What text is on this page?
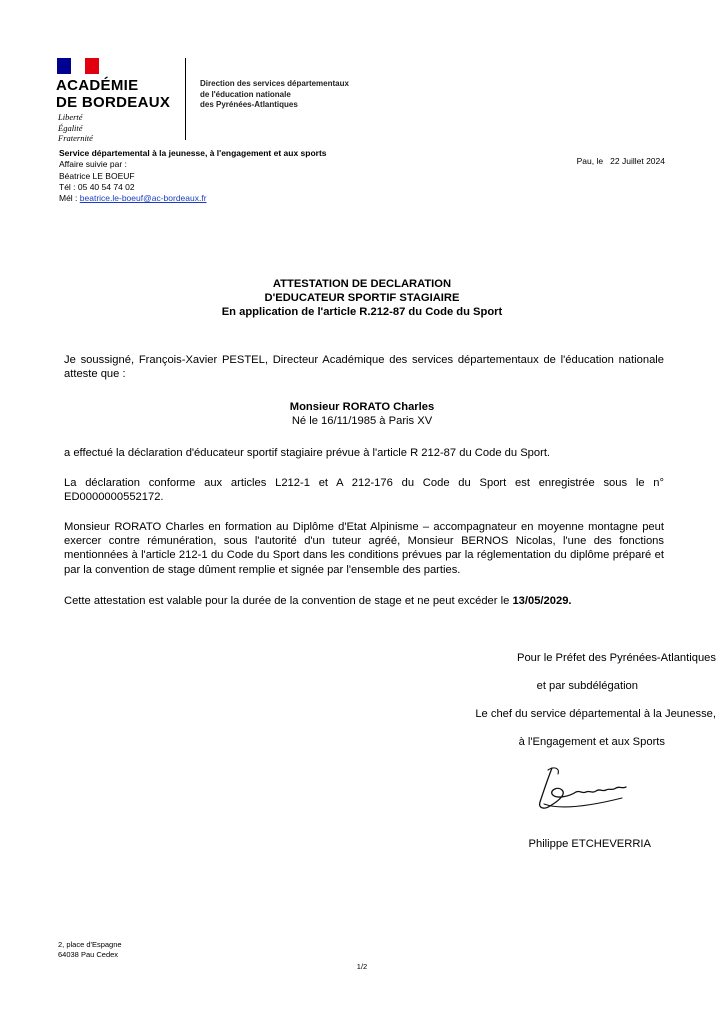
ACADÉMIE
DE BORDEAUX
Liberté
Égalité
Fraternité
Direction des services départementaux
de l'éducation nationale
des Pyrénées-Atlantiques
Service départemental à la jeunesse, à l'engagement et aux sports
Affaire suivie par :
Béatrice LE BOEUF
Tél : 05 40 54 74 02
Mél : beatrice.le-boeuf@ac-bordeaux.fr
Pau, le   22 Juillet 2024
ATTESTATION DE DECLARATION
D'EDUCATEUR SPORTIF STAGIAIRE
En application de l'article R.212-87 du Code du Sport
Je soussigné, François-Xavier PESTEL, Directeur Académique des services départementaux de l'éducation nationale atteste que :
Monsieur RORATO Charles
Né le 16/11/1985 à Paris XV
a effectué la déclaration d'éducateur sportif stagiaire prévue à l'article R 212-87 du Code du Sport.
La déclaration conforme aux articles L212-1 et A 212-176 du Code du Sport est enregistrée sous le n° ED0000000552172.
Monsieur RORATO Charles en formation au Diplôme d'Etat Alpinisme – accompagnateur en moyenne montagne peut exercer contre rémunération, sous l'autorité d'un tuteur agréé, Monsieur BERNOS Nicolas, l'une des fonctions mentionnées à l'article 212-1 du Code du Sport dans les conditions prévues par la réglementation du diplôme préparé et par la convention de stage dûment remplie et signée par l'ensemble des parties.
Cette attestation est valable pour la durée de la convention de stage et ne peut excéder le 13/05/2029.
Pour le Préfet des Pyrénées-Atlantiques
et par subdélégation
Le chef du service départemental à la Jeunesse,
à l'Engagement et aux Sports
Philippe ETCHEVERRIA
2, place d'Espagne
64038 Pau Cedex
1/2
